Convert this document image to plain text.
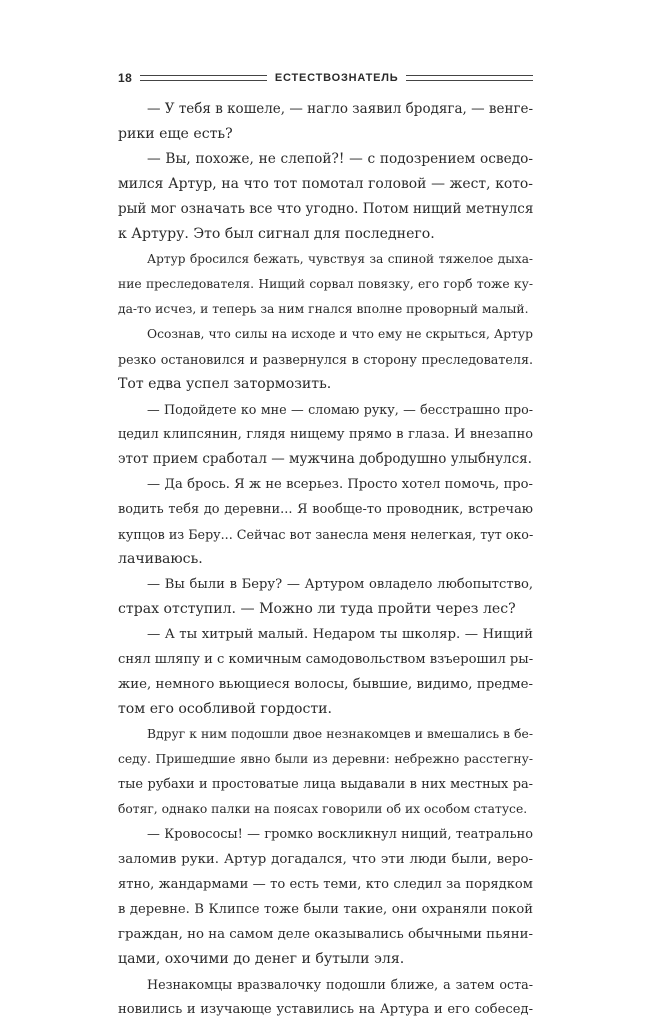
18	ЕСТЕСТВОЗНАТЕЛЬ
— У тебя в кошеле, — нагло заявил бродяга, — венге-
рики еще есть?
— Вы, похоже, не слепой?! — с подозрением осведо-
мился Артур, на что тот помотал головой — жест, кото-
рый мог означать все что угодно. Потом нищий метнулся
к Артуру. Это был сигнал для последнего.
Артур бросился бежать, чувствуя за спиной тяжелое дыха-
ние преследователя. Нищий сорвал повязку, его горб тоже ку-
да-то исчез, и теперь за ним гнался вполне проворный малый.
Осознав, что силы на исходе и что ему не скрыться, Артур
резко остановился и развернулся в сторону преследователя.
Тот едва успел затормозить.
— Подойдете ко мне — сломаю руку, — бесстрашно про-
цедил клипсянин, глядя нищему прямо в глаза. И внезапно
этот прием сработал — мужчина добродушно улыбнулся.
— Да брось. Я ж не всерьез. Просто хотел помочь, про-
водить тебя до деревни... Я вообще-то проводник, встречаю
купцов из Беру... Сейчас вот занесла меня нелегкая, тут око-
лачиваюсь.
— Вы были в Беру? — Артуром овладело любопытство,
страх отступил. — Можно ли туда пройти через лес?
— А ты хитрый малый. Недаром ты школяр. — Нищий
снял шляпу и с комичным самодовольством взъерошил ры-
жие, немного вьющиеся волосы, бывшие, видимо, предме-
том его особливой гордости.
Вдруг к ним подошли двое незнакомцев и вмешались в бе-
седу. Пришедшие явно были из деревни: небрежно расстегну-
тые рубахи и простоватые лица выдавали в них местных ра-
ботяг, однако палки на поясах говорили об их особом статусе.
— Кровососы! — громко воскликнул нищий, театрально
заломив руки. Артур догадался, что эти люди были, веро-
ятно, жандармами — то есть теми, кто следил за порядком
в деревне. В Клипсе тоже были такие, они охраняли покой
граждан, но на самом деле оказывались обычными пьяни-
цами, охочими до денег и бутыли эля.
Незнакомцы вразвалочку подошли ближе, а затем оста-
новились и изучающе уставились на Артура и его собесед-
